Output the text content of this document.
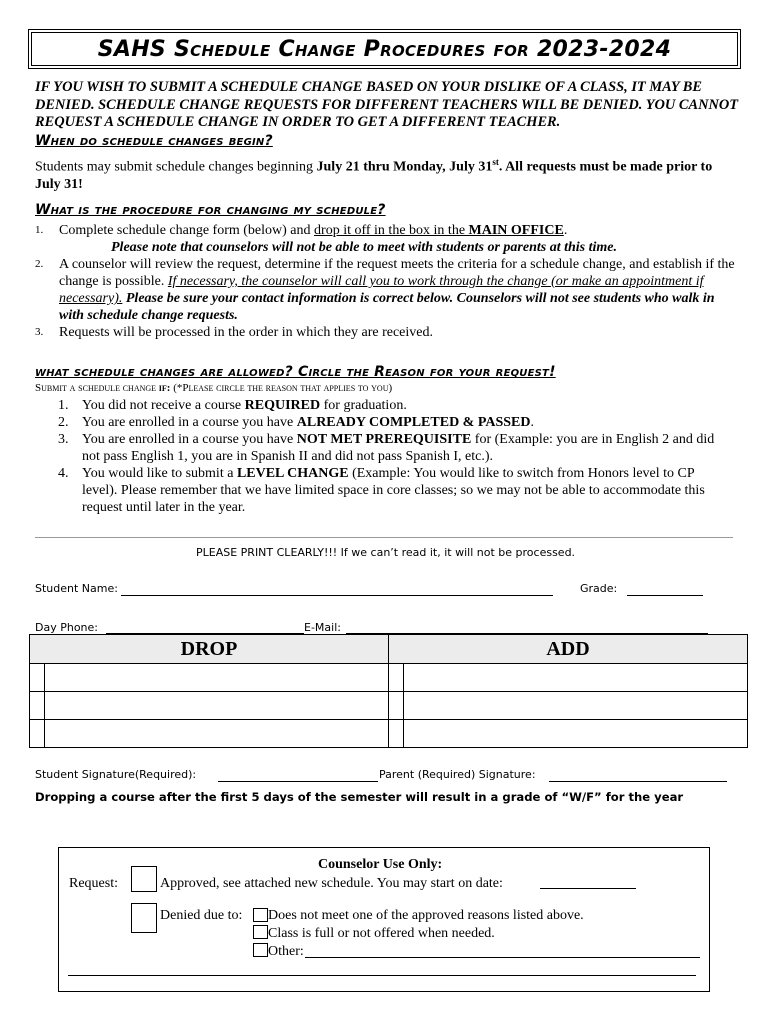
SAHS Schedule Change Procedures for 2023-2024
IF YOU WISH TO SUBMIT A SCHEDULE CHANGE BASED ON YOUR DISLIKE OF A CLASS, IT MAY BE DENIED. SCHEDULE CHANGE REQUESTS FOR DIFFERENT TEACHERS WILL BE DENIED. YOU CANNOT REQUEST A SCHEDULE CHANGE IN ORDER TO GET A DIFFERENT TEACHER.
When do schedule changes begin?
Students may submit schedule changes beginning July 21 thru Monday, July 31st. All requests must be made prior to July 31!
What is the procedure for changing my schedule?
1. Complete schedule change form (below) and drop it off in the box in the MAIN OFFICE.
Please note that counselors will not be able to meet with students or parents at this time.
2. A counselor will review the request, determine if the request meets the criteria for a schedule change, and establish if the change is possible. If necessary, the counselor will call you to work through the change (or make an appointment if necessary). Please be sure your contact information is correct below. Counselors will not see students who walk in with schedule change requests.
3. Requests will be processed in the order in which they are received.
what schedule changes are allowed? Circle the Reason for your request!
Submit a schedule change if: (*Please circle the reason that applies to you)
1. You did not receive a course REQUIRED for graduation.
2. You are enrolled in a course you have ALREADY COMPLETED & PASSED.
3. You are enrolled in a course you have NOT MET PREREQUISITE for (Example: you are in English 2 and did not pass English 1, you are in Spanish II and did not pass Spanish I, etc.).
4. You would like to submit a LEVEL CHANGE (Example: You would like to switch from Honors level to CP level). Please remember that we have limited space in core classes; so we may not be able to accommodate this request until later in the year.
PLEASE PRINT CLEARLY!!! If we can’t read it, it will not be processed.
Student Name:	Grade:
Day Phone:	E-Mail:
DROP		ADD	

Student Signature(Required):	Parent (Required) Signature:
Dropping a course after the first 5 days of the semester will result in a grade of “W/F” for the year
Counselor Use Only:
Request:	Approved, see attached new schedule. You may start on date:
Denied due to: Does not meet one of the approved reasons listed above.
Class is full or not offered when needed.
Other:
